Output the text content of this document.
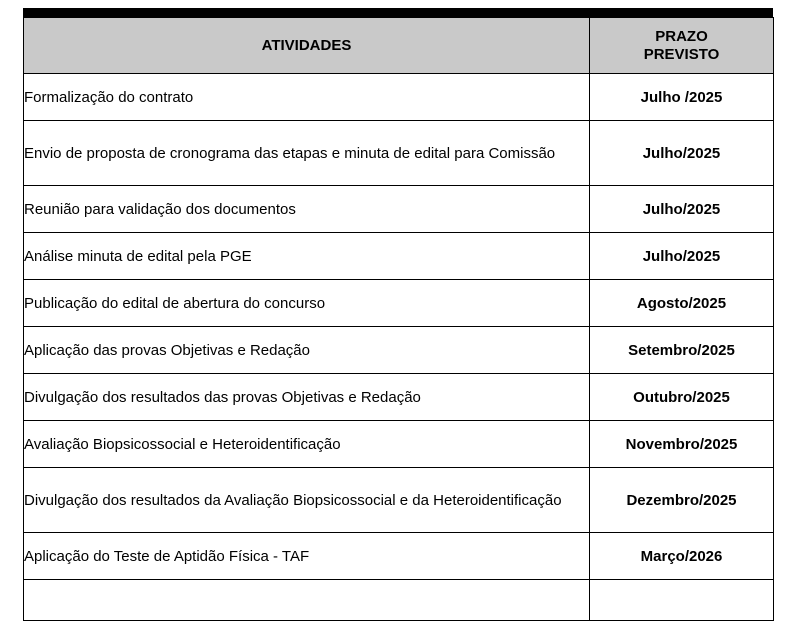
ATIVIDADES	PRAZO
PREVISTO

Formalização do contrato	Julho /2025
Envio de proposta de cronograma das etapas e minuta de edital para Comissão	Julho/2025
Reunião para validação dos documentos	Julho/2025
Análise minuta de edital pela PGE	Julho/2025
Publicação do edital de abertura do concurso	Agosto/2025
Aplicação das provas Objetivas e Redação	Setembro/2025
Divulgação dos resultados das provas Objetivas e Redação	Outubro/2025
Avaliação Biopsicossocial e Heteroidentificação	Novembro/2025
Divulgação dos resultados da Avaliação Biopsicossocial e da Heteroidentificação	Dezembro/2025
Aplicação do Teste de Aptidão Física - TAF	Março/2026
